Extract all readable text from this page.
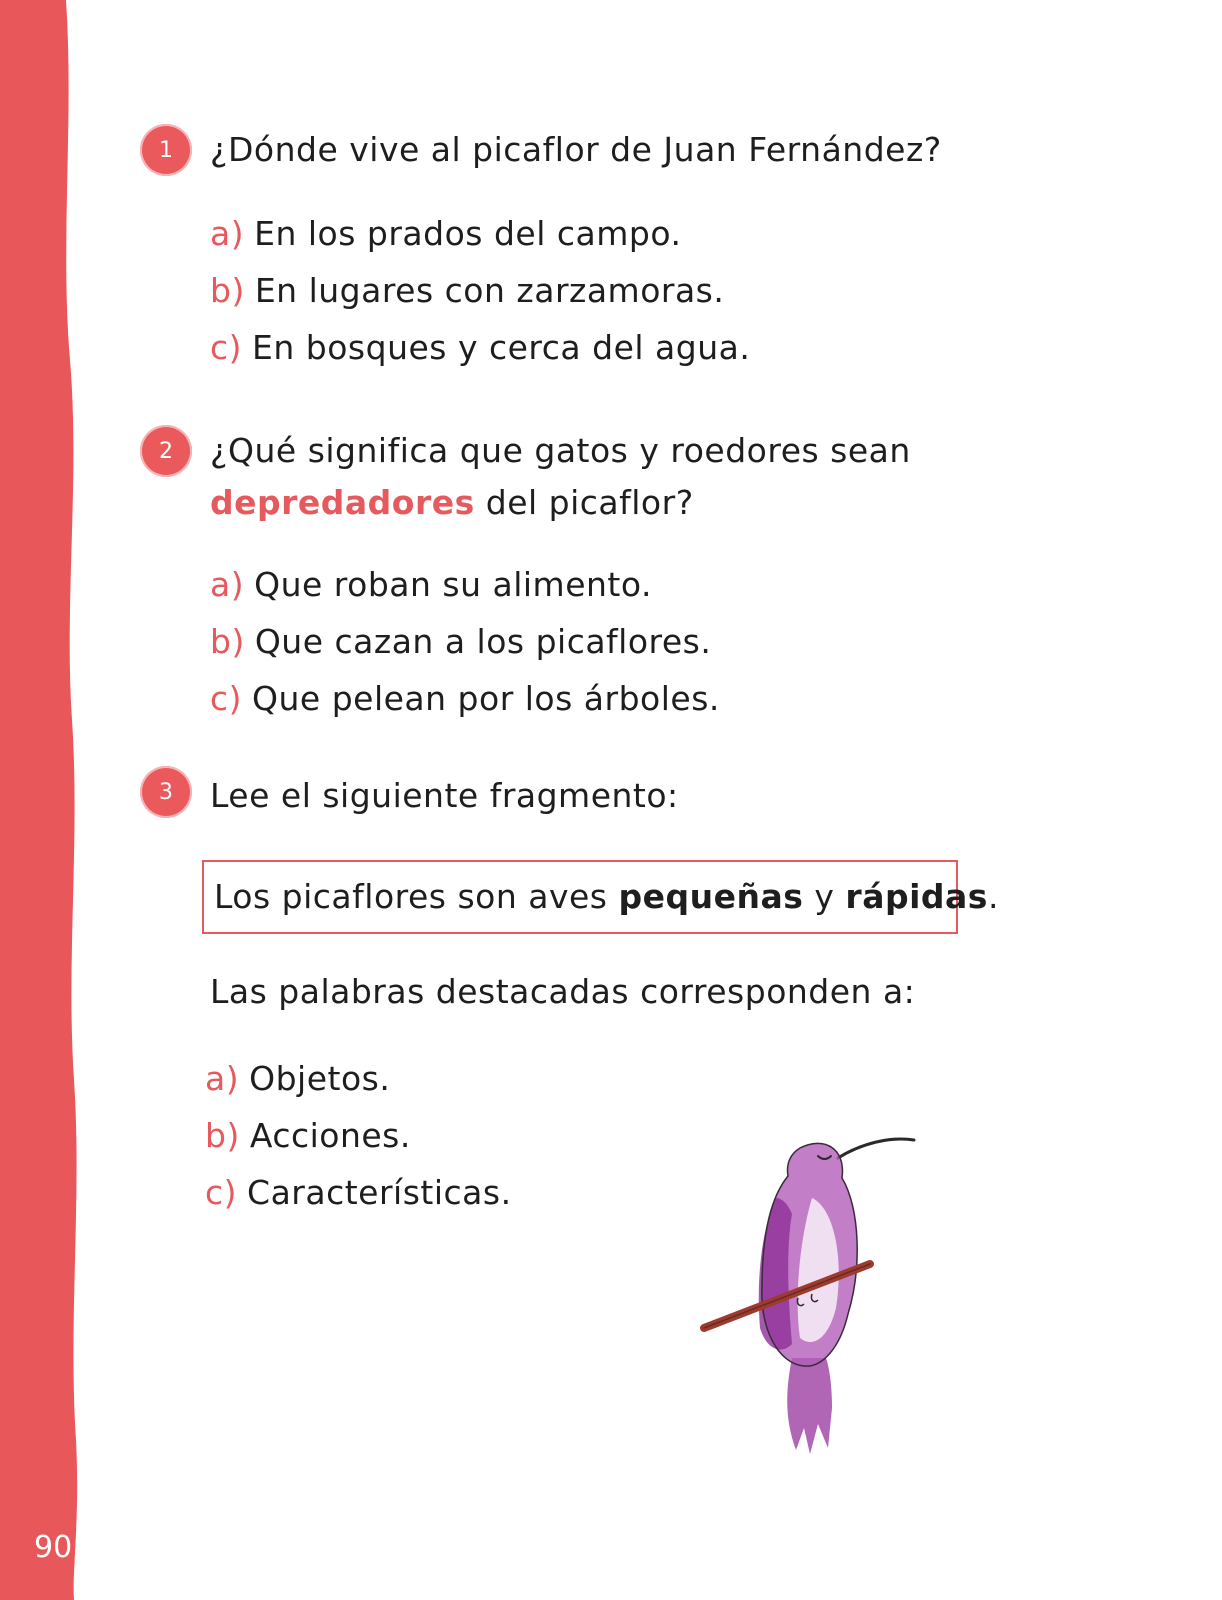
90
1	¿Dónde vive al picaflor de Juan Fernández?
a) En los prados del campo.
b) En lugares con zarzamoras.
c) En bosques y cerca del agua.
2	¿Qué significa que gatos y roedores sean depredadores del picaflor?
a) Que roban su alimento.
b) Que cazan a los picaflores.
c) Que pelean por los árboles.
3	Lee el siguiente fragmento:
Los picaflores son aves pequeñas y rápidas.
Las palabras destacadas corresponden a:
a) Objetos.
b) Acciones.
c) Características.
